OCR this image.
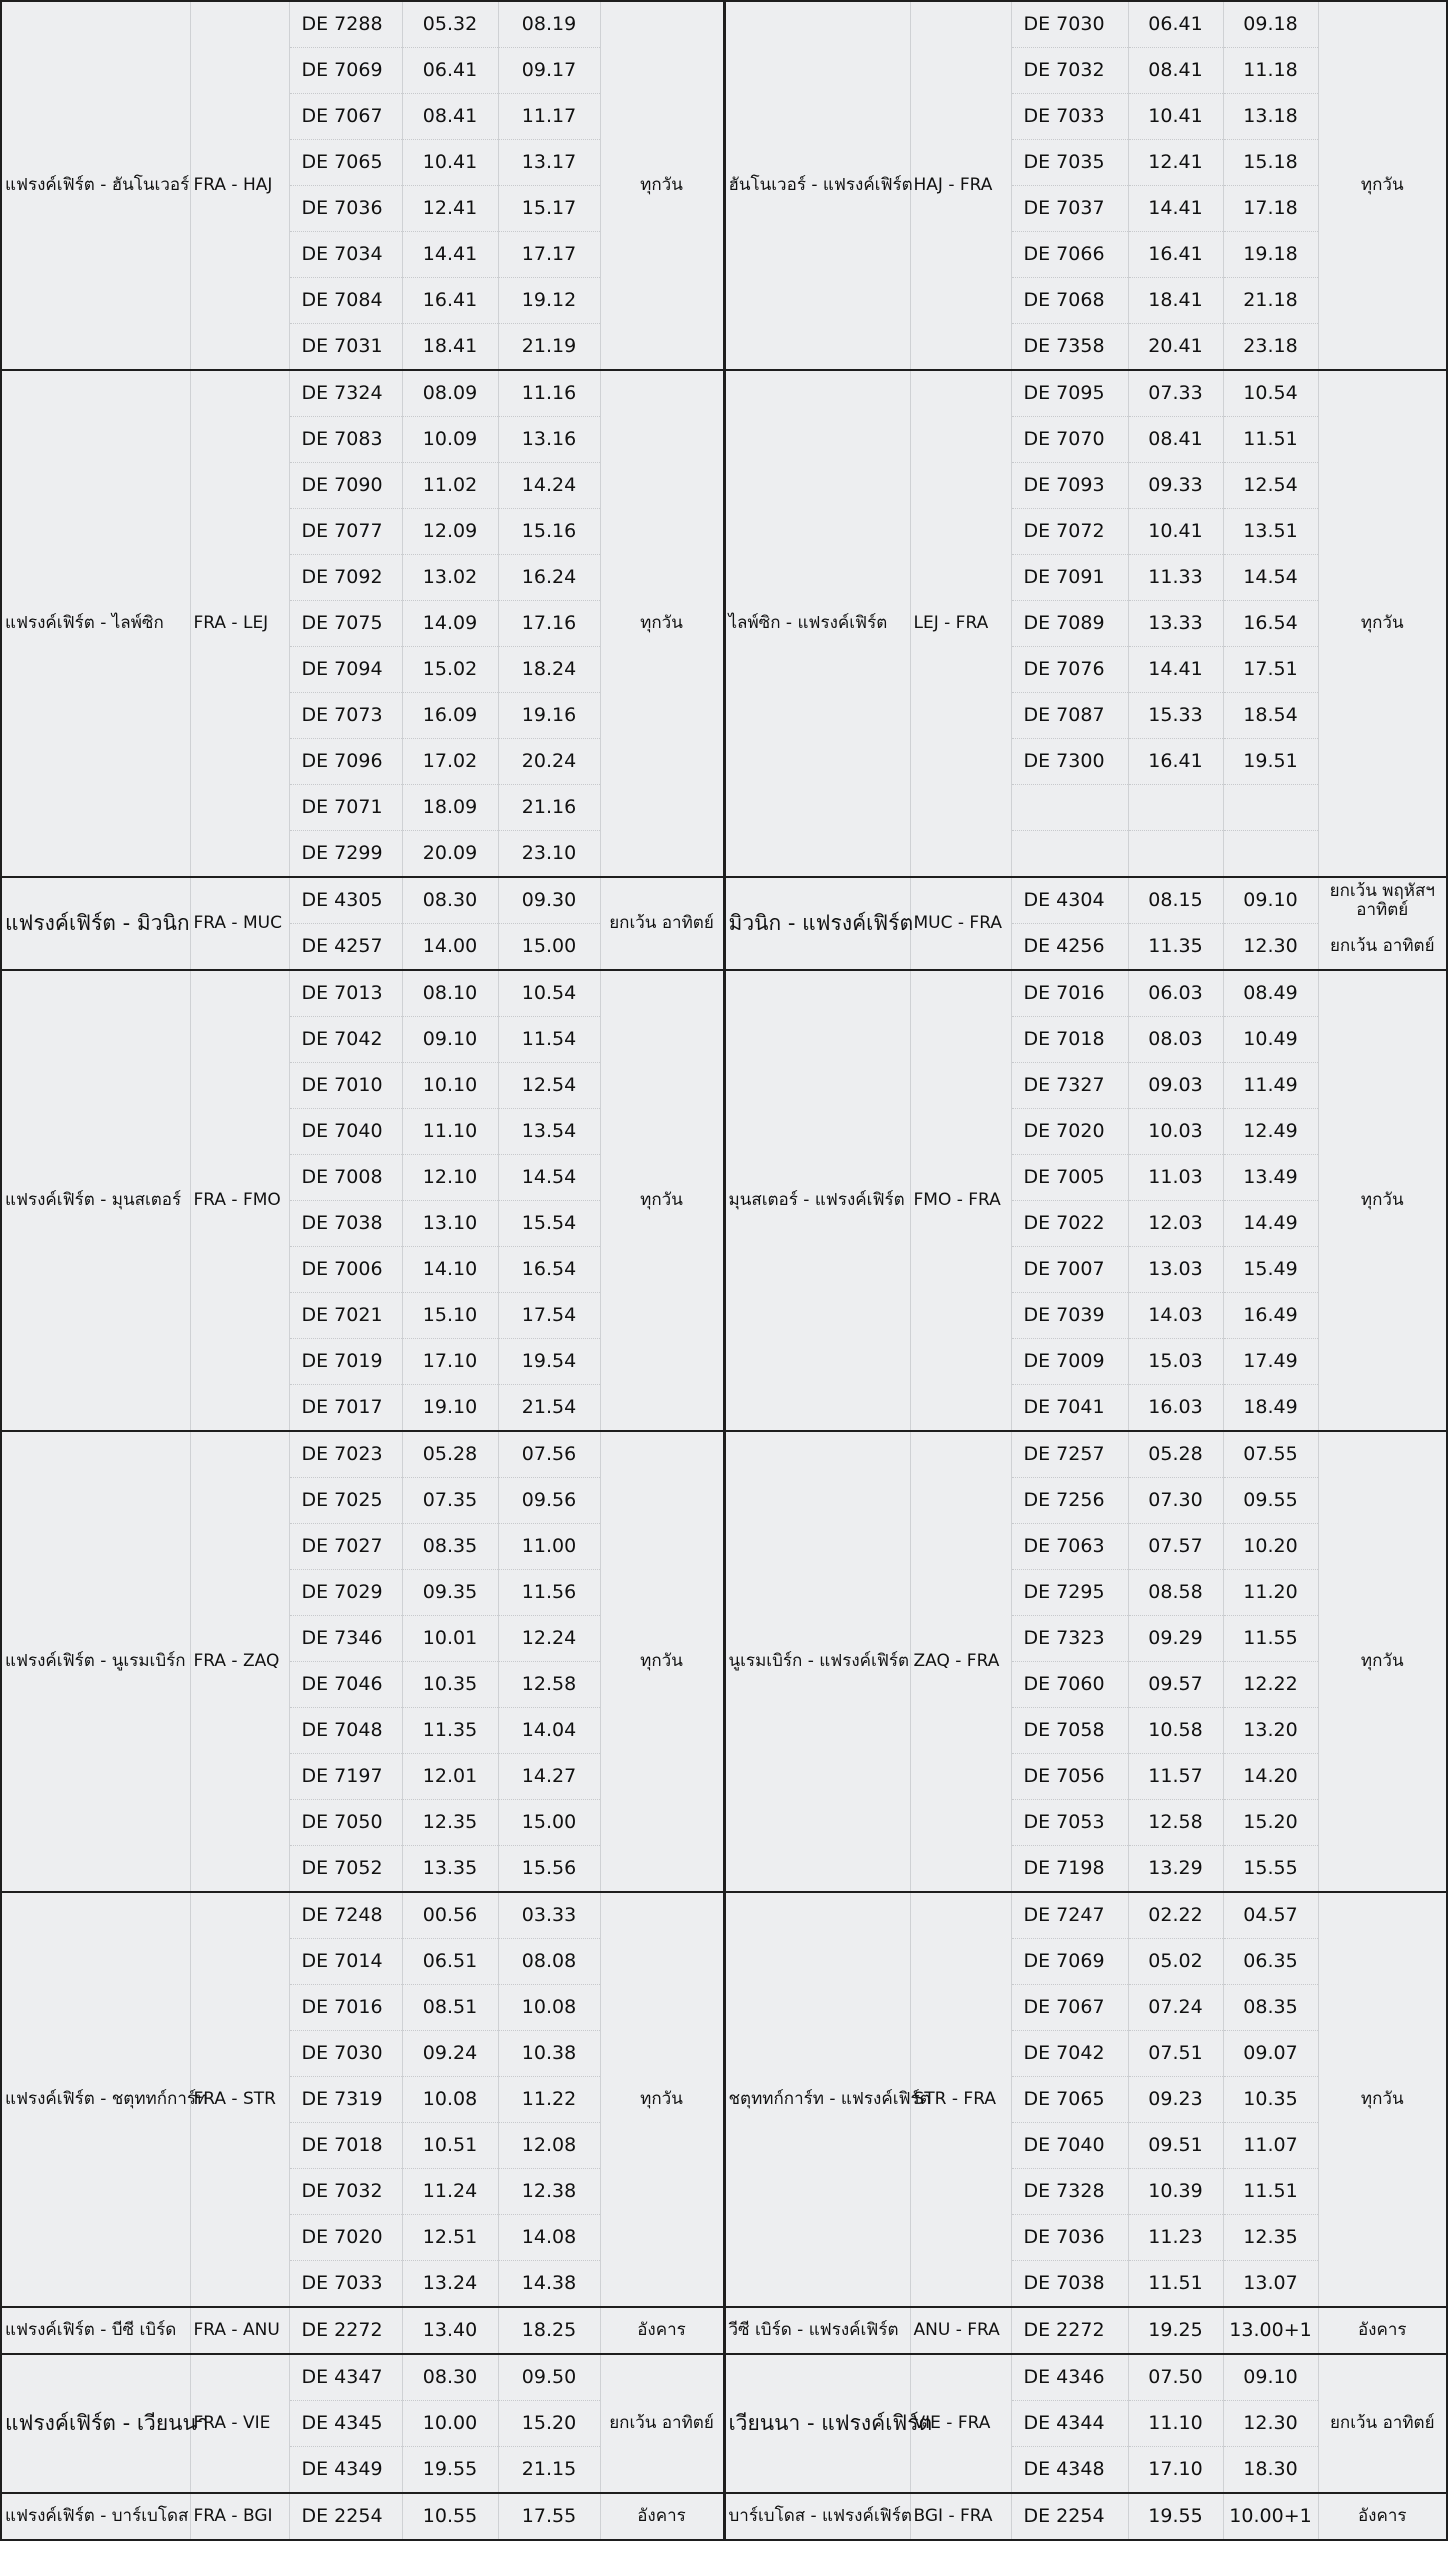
แฟรงค์เฟิร์ต - ฮันโนเวอร์	FRA - HAJ	DE 7288	05.32	08.19	ทุกวัน	ฮันโนเวอร์ - แฟรงค์เฟิร์ต	HAJ - FRA	DE 7030	06.41	09.18	ทุกวัน
		DE 7069	06.41	09.17				DE 7032	08.41	11.18	
		DE 7067	08.41	11.17				DE 7033	10.41	13.18	
		DE 7065	10.41	13.17				DE 7035	12.41	15.18	
		DE 7036	12.41	15.17				DE 7037	14.41	17.18	
		DE 7034	14.41	17.17				DE 7066	16.41	19.18	
		DE 7084	16.41	19.12				DE 7068	18.41	21.18	
		DE 7031	18.41	21.19				DE 7358	20.41	23.18	
แฟรงค์เฟิร์ต - ไลพ์ซิก	FRA - LEJ	DE 7324	08.09	11.16	ทุกวัน	ไลพ์ซิก - แฟรงค์เฟิร์ต	LEJ - FRA	DE 7095	07.33	10.54	ทุกวัน
		DE 7083	10.09	13.16				DE 7070	08.41	11.51	
		DE 7090	11.02	14.24				DE 7093	09.33	12.54	
		DE 7077	12.09	15.16				DE 7072	10.41	13.51	
		DE 7092	13.02	16.24				DE 7091	11.33	14.54	
		DE 7075	14.09	17.16				DE 7089	13.33	16.54	
		DE 7094	15.02	18.24				DE 7076	14.41	17.51	
		DE 7073	16.09	19.16				DE 7087	15.33	18.54	
		DE 7096	17.02	20.24				DE 7300	16.41	19.51	
		DE 7071	18.09	21.16							
		DE 7299	20.09	23.10							
แฟรงค์เฟิร์ต - มิวนิก	FRA - MUC	DE 4305	08.30	09.30	ยกเว้น อาทิตย์	มิวนิก - แฟรงค์เฟิร์ต	MUC - FRA	DE 4304	08.15	09.10	ยกเว้น พฤหัสฯ อาทิตย์
		DE 4257	14.00	15.00				DE 4256	11.35	12.30	ยกเว้น อาทิตย์
แฟรงค์เฟิร์ต - มุนสเตอร์	FRA - FMO	DE 7013	08.10	10.54	ทุกวัน	มุนสเตอร์ - แฟรงค์เฟิร์ต	FMO - FRA	DE 7016	06.03	08.49	ทุกวัน
		DE 7042	09.10	11.54				DE 7018	08.03	10.49	
		DE 7010	10.10	12.54				DE 7327	09.03	11.49	
		DE 7040	11.10	13.54				DE 7020	10.03	12.49	
		DE 7008	12.10	14.54				DE 7005	11.03	13.49	
		DE 7038	13.10	15.54				DE 7022	12.03	14.49	
		DE 7006	14.10	16.54				DE 7007	13.03	15.49	
		DE 7021	15.10	17.54				DE 7039	14.03	16.49	
		DE 7019	17.10	19.54				DE 7009	15.03	17.49	
		DE 7017	19.10	21.54				DE 7041	16.03	18.49	
แฟรงค์เฟิร์ต - นูเรมเบิร์ก	FRA - ZAQ	DE 7023	05.28	07.56	ทุกวัน	นูเรมเบิร์ก - แฟรงค์เฟิร์ต	ZAQ - FRA	DE 7257	05.28	07.55	ทุกวัน
		DE 7025	07.35	09.56				DE 7256	07.30	09.55	
		DE 7027	08.35	11.00				DE 7063	07.57	10.20	
		DE 7029	09.35	11.56				DE 7295	08.58	11.20	
		DE 7346	10.01	12.24				DE 7323	09.29	11.55	
		DE 7046	10.35	12.58				DE 7060	09.57	12.22	
		DE 7048	11.35	14.04				DE 7058	10.58	13.20	
		DE 7197	12.01	14.27				DE 7056	11.57	14.20	
		DE 7050	12.35	15.00				DE 7053	12.58	15.20	
		DE 7052	13.35	15.56				DE 7198	13.29	15.55	
แฟรงค์เฟิร์ต - ชตุททก์การ์ท	FRA - STR	DE 7248	00.56	03.33	ทุกวัน	ชตุททก์การ์ท - แฟรงค์เฟิร์ต	STR - FRA	DE 7247	02.22	04.57	ทุกวัน
		DE 7014	06.51	08.08				DE 7069	05.02	06.35	
		DE 7016	08.51	10.08				DE 7067	07.24	08.35	
		DE 7030	09.24	10.38				DE 7042	07.51	09.07	
		DE 7319	10.08	11.22				DE 7065	09.23	10.35	
		DE 7018	10.51	12.08				DE 7040	09.51	11.07	
		DE 7032	11.24	12.38				DE 7328	10.39	11.51	
		DE 7020	12.51	14.08				DE 7036	11.23	12.35	
		DE 7033	13.24	14.38				DE 7038	11.51	13.07	
แฟรงค์เฟิร์ต - บีซี เบิร์ด	FRA - ANU	DE 2272	13.40	18.25	อังคาร	วีซี เบิร์ด - แฟรงค์เฟิร์ต	ANU - FRA	DE 2272	19.25	13.00+1	อังคาร
แฟรงค์เฟิร์ต - เวียนนา	FRA - VIE	DE 4347	08.30	09.50	ยกเว้น อาทิตย์	เวียนนา - แฟรงค์เฟิร์ต	VIE - FRA	DE 4346	07.50	09.10	ยกเว้น อาทิตย์
		DE 4345	10.00	15.20				DE 4344	11.10	12.30	
		DE 4349	19.55	21.15				DE 4348	17.10	18.30	
แฟรงค์เฟิร์ต - บาร์เบโดส	FRA - BGI	DE 2254	10.55	17.55	อังคาร	บาร์เบโดส - แฟรงค์เฟิร์ต	BGI - FRA	DE 2254	19.55	10.00+1	อังคาร
